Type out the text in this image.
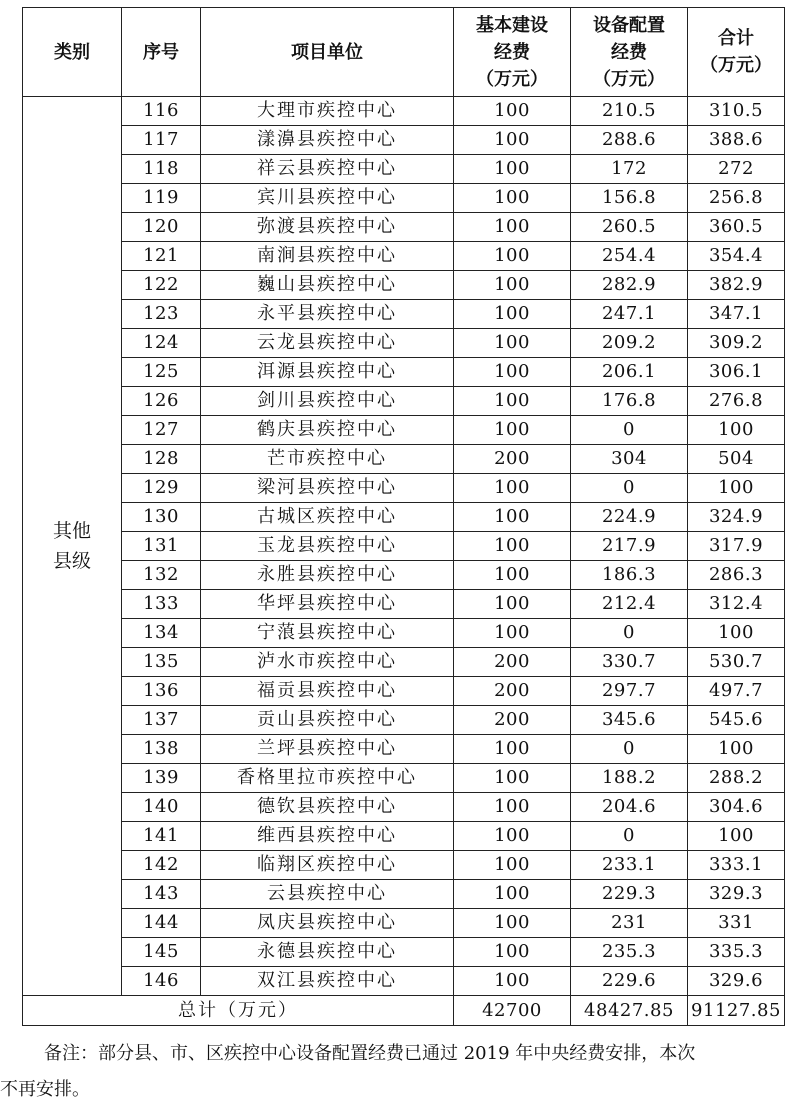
类别	序号	项目单位	基本建设
经费
（万元）	设备配置
经费
（万元）	合计
（万元）

其他
县级	116	大理市疾控中心	100	210.5	310.5
	117	漾濞县疾控中心	100	288.6	388.6
	118	祥云县疾控中心	100	172	272
	119	宾川县疾控中心	100	156.8	256.8
	120	弥渡县疾控中心	100	260.5	360.5
	121	南涧县疾控中心	100	254.4	354.4
	122	巍山县疾控中心	100	282.9	382.9
	123	永平县疾控中心	100	247.1	347.1
	124	云龙县疾控中心	100	209.2	309.2
	125	洱源县疾控中心	100	206.1	306.1
	126	剑川县疾控中心	100	176.8	276.8
	127	鹤庆县疾控中心	100	0	100
	128	芒市疾控中心	200	304	504
	129	梁河县疾控中心	100	0	100
	130	古城区疾控中心	100	224.9	324.9
	131	玉龙县疾控中心	100	217.9	317.9
	132	永胜县疾控中心	100	186.3	286.3
	133	华坪县疾控中心	100	212.4	312.4
	134	宁蒗县疾控中心	100	0	100
	135	泸水市疾控中心	200	330.7	530.7
	136	福贡县疾控中心	200	297.7	497.7
	137	贡山县疾控中心	200	345.6	545.6
	138	兰坪县疾控中心	100	0	100
	139	香格里拉市疾控中心	100	188.2	288.2
	140	德钦县疾控中心	100	204.6	304.6
	141	维西县疾控中心	100	0	100
	142	临翔区疾控中心	100	233.1	333.1
	143	云县疾控中心	100	229.3	329.3
	144	凤庆县疾控中心	100	231	331
	145	永德县疾控中心	100	235.3	335.3
	146	双江县疾控中心	100	229.6	329.6
总计（万元）			42700	48427.85	91127.85
备注：部分县、市、区疾控中心设备配置经费已通过 2019 年中央经费安排，本次
不再安排。
